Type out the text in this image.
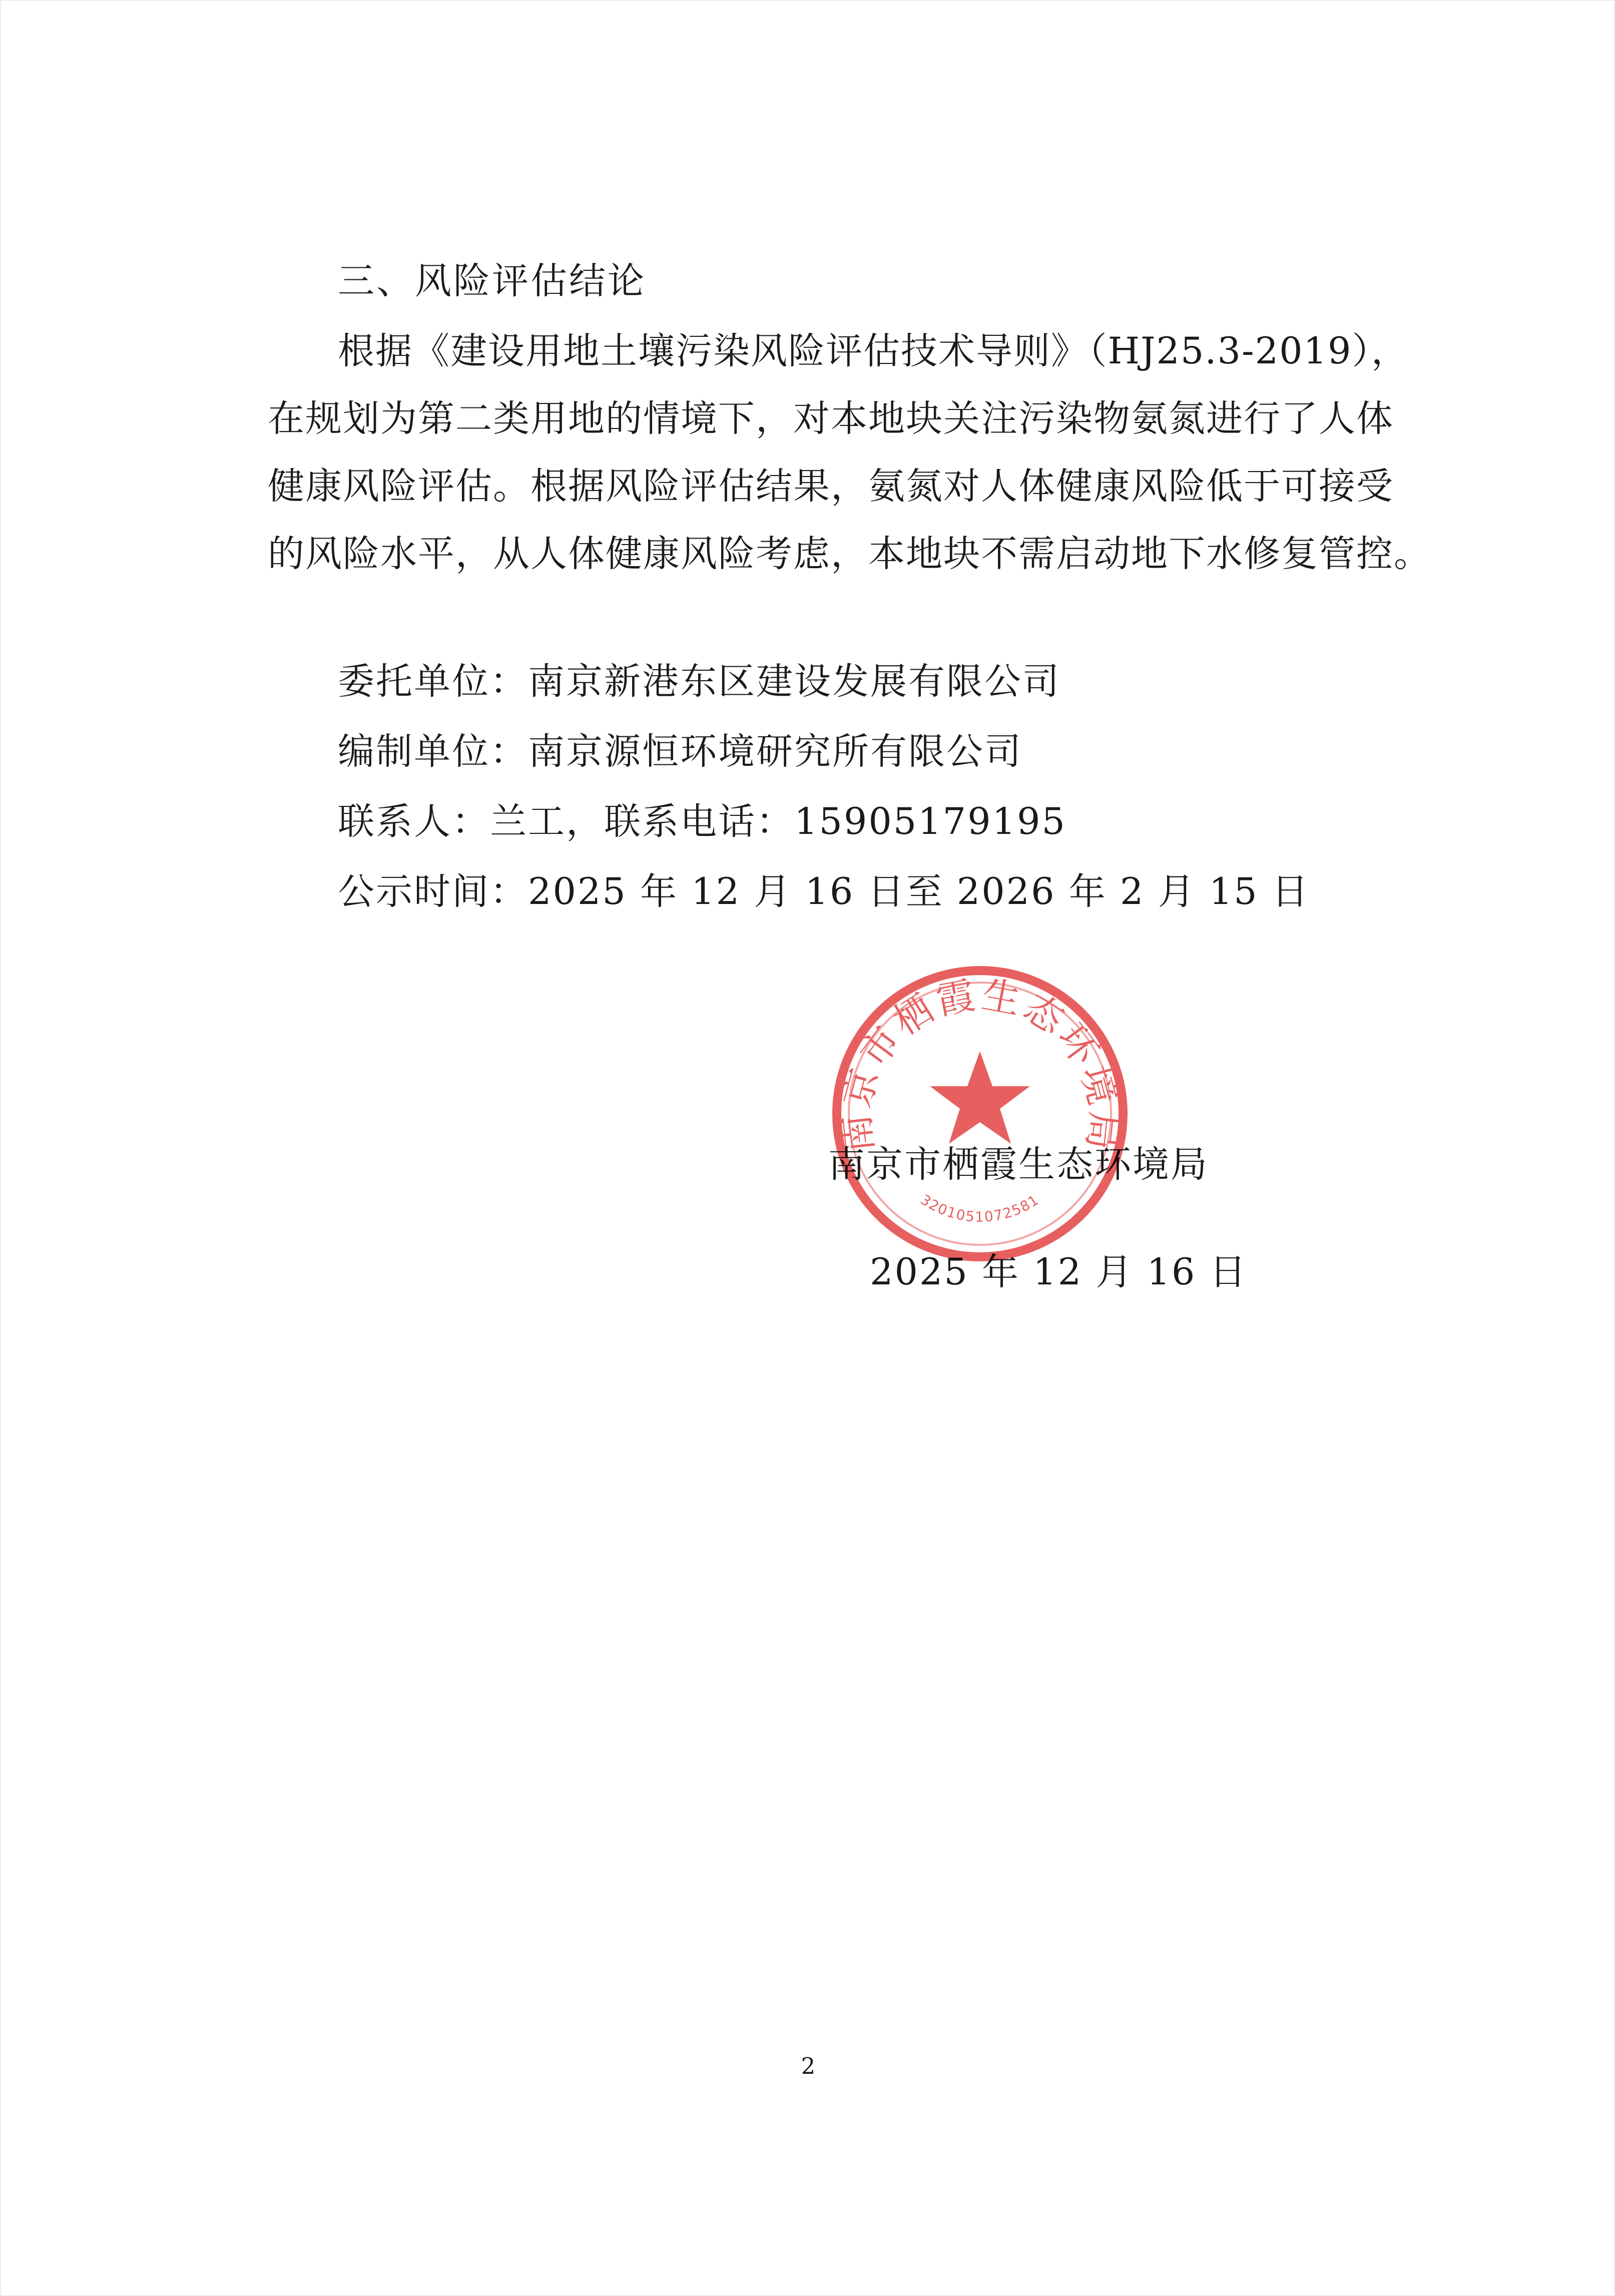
三、风险评估结论
根据《建设用地土壤污染风险评估技术导则》（HJ25.3-2019），
在规划为第二类用地的情境下，对本地块关注污染物氨氮进行了人体
健康风险评估。根据风险评估结果，氨氮对人体健康风险低于可接受
的风险水平，从人体健康风险考虑，本地块不需启动地下水修复管控。
委托单位：南京新港东区建设发展有限公司
编制单位：南京源恒环境研究所有限公司
联系人：兰工，联系电话：15905179195
公示时间：2025 年 12 月 16 日至 2026 年 2 月 15 日
南京市栖霞生态环境局
2025 年 12 月 16 日
南京市栖霞生态环境局
3201051072581
2
